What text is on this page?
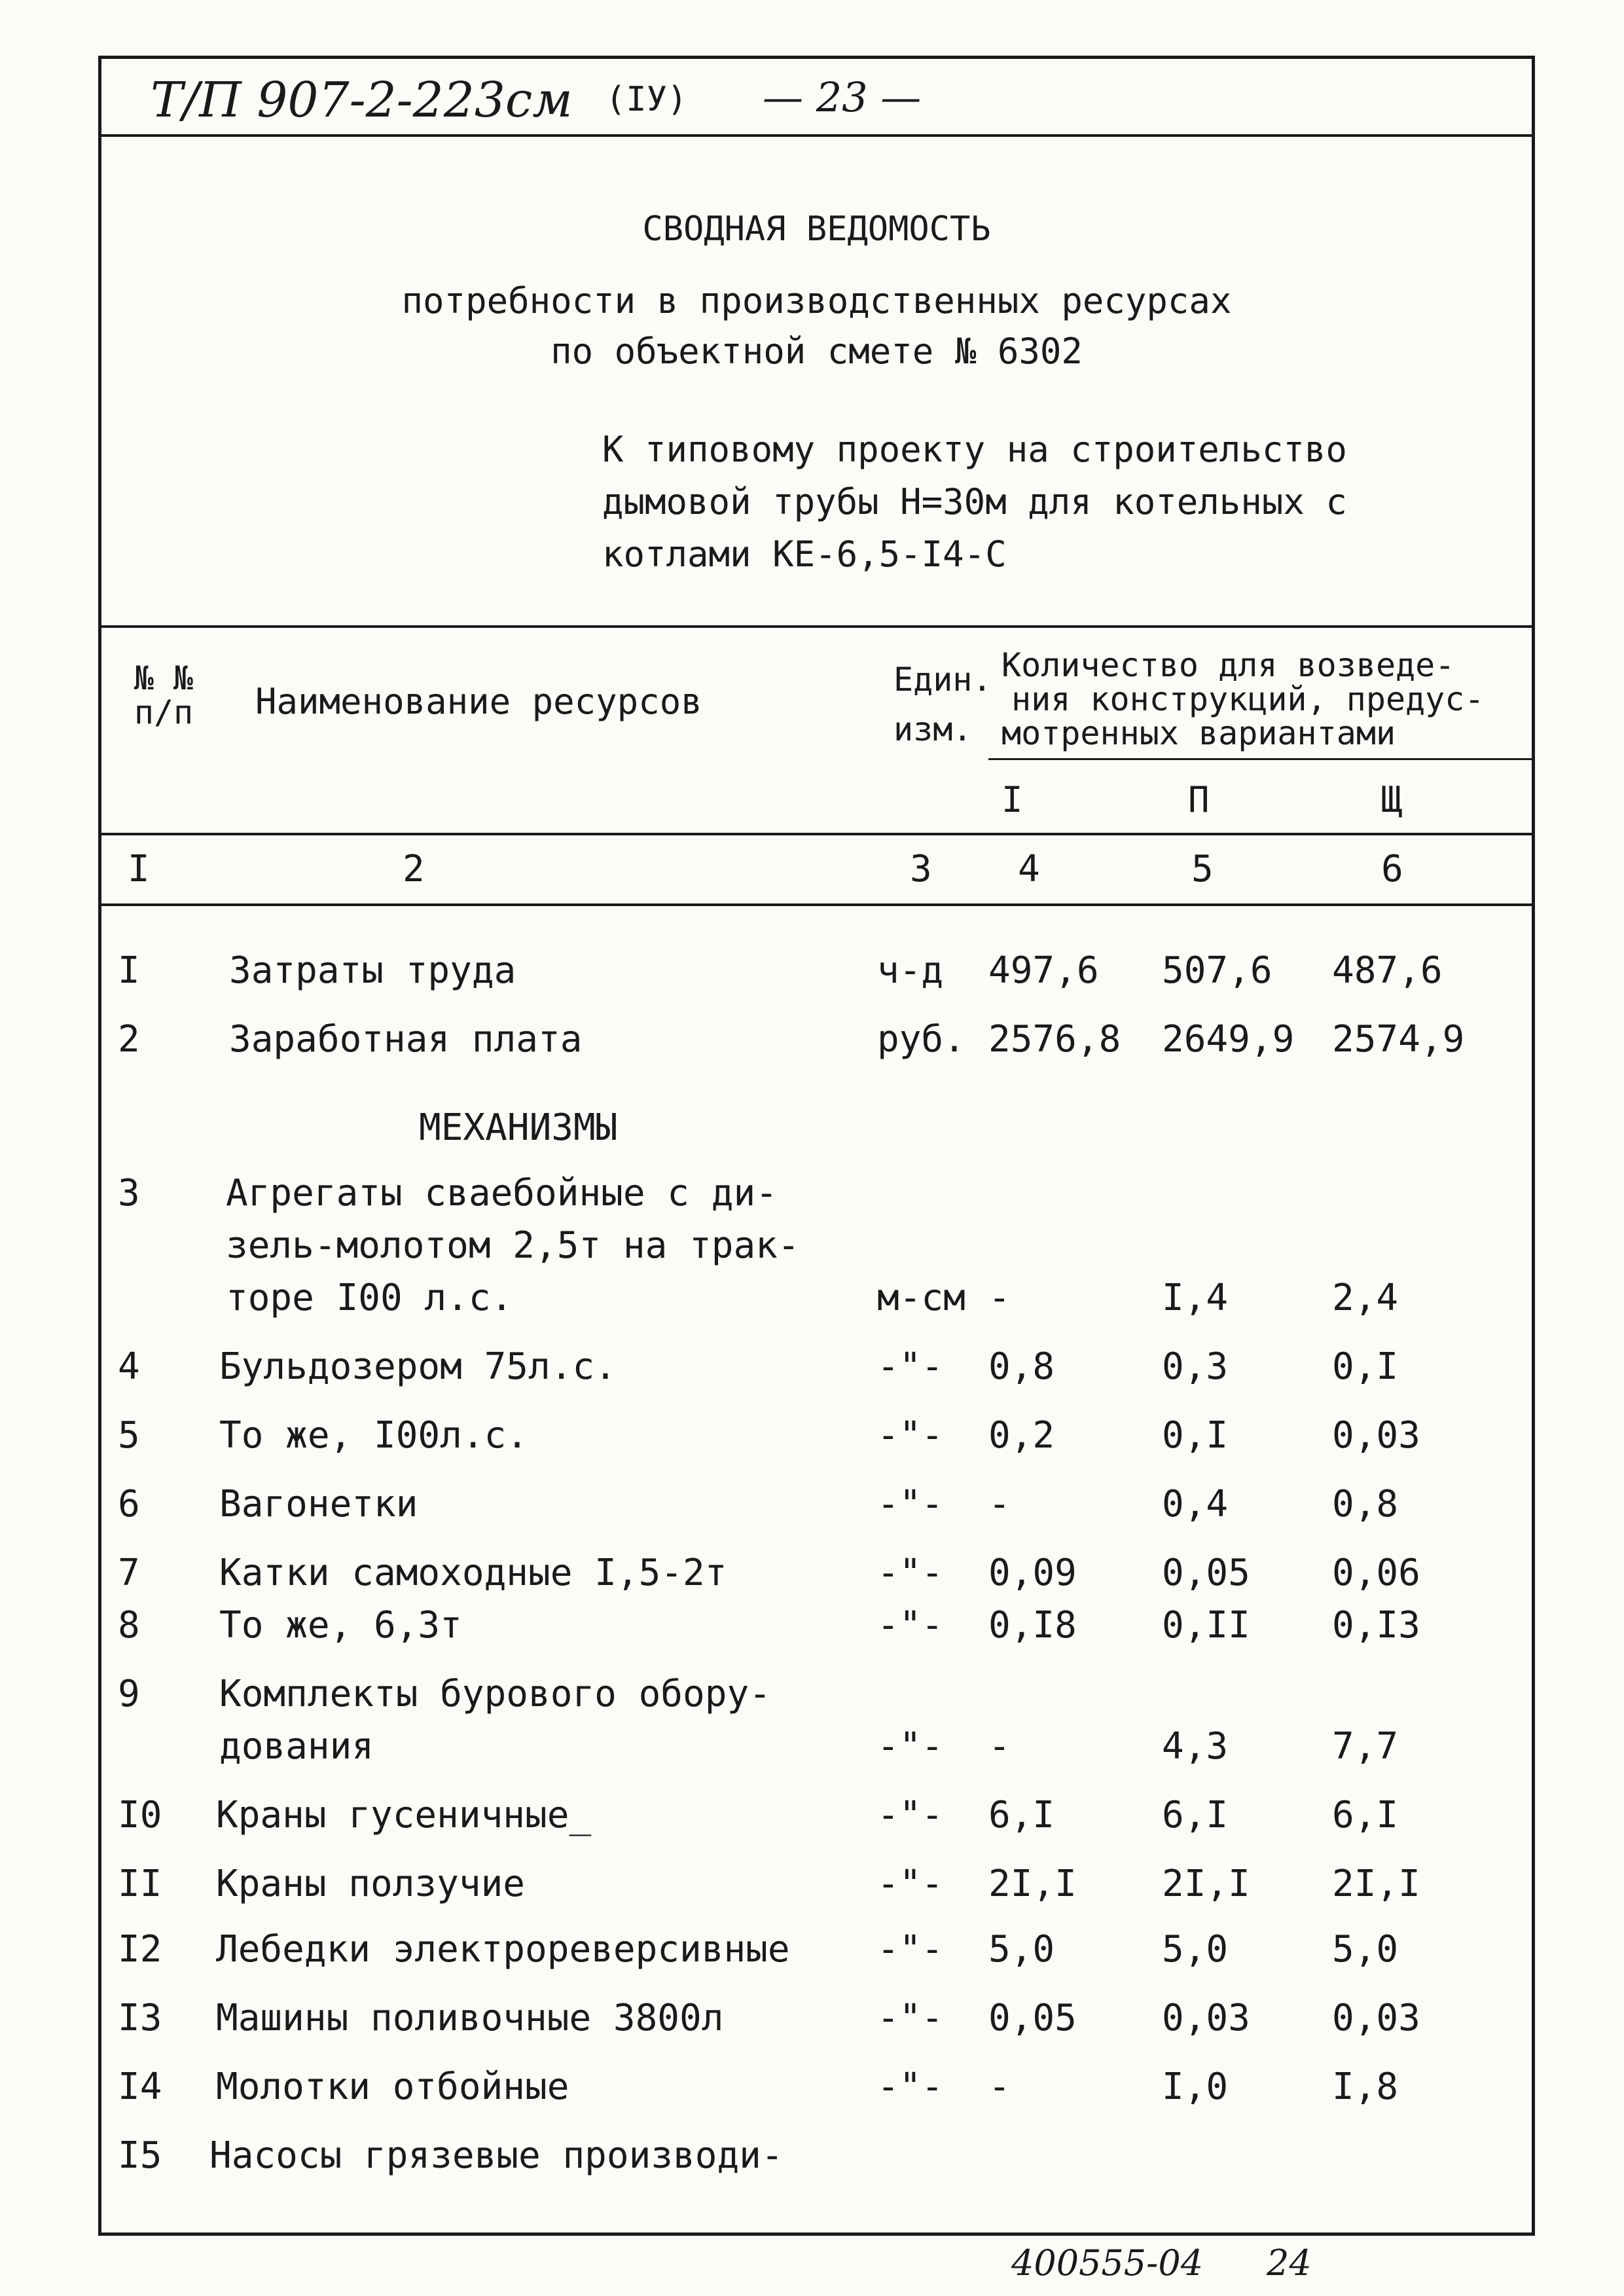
Т/П 907-2-223см (IУ) — 23 —
СВОДНАЯ ВЕДОМОСТЬ
потребности в производственных ресурсах
по объектной смете № 6302
К типовому проекту на строительство
дымовой трубы Н=30м для котельных с
котлами КЕ-6,5-I4-С
№ №
п/п Наименование ресурсов
Един.
изм.
Количество для возведе-
ния конструкций, предус-
мотренных вариантами
I	П	Щ
I	2	3 4	5	6
I Затраты труда	ч-д 497,6 507,6 487,6
2 Заработная плата	руб. 2576,8 2649,9 2574,9
3 Агрегаты сваебойные с ди-
зель-молотом 2,5т на трак-
торе I00 л.с.	м-см -	I,4	2,4
4 Бульдозером 75л.с.	-"- 0,8	0,3	0,I
5 То же, I00л.с.	-"- 0,2	0,I	0,03
6 Вагонетки	-"- -	0,4	0,8
7 Катки самоходные I,5-2т	-"- 0,09 0,05 0,06
8 То же, 6,3т	-"- 0,I8 0,II 0,I3
9 Комплекты бурового обору-
дования	-"- -	4,3	7,7
I0 Краны гусеничные_	-"- 6,I	6,I	6,I
II Краны ползучие	-"- 2I,I 2I,I 2I,I
I2 Лебедки электрореверсивные -"- 5,0	5,0	5,0
I3 Машины поливочные 3800л	-"- 0,05 0,03 0,03
I4 Молотки отбойные	-"- -	I,0	I,8
I5 Насосы грязевые производи-
МЕХАНИЗМЫ
400555-04 24
